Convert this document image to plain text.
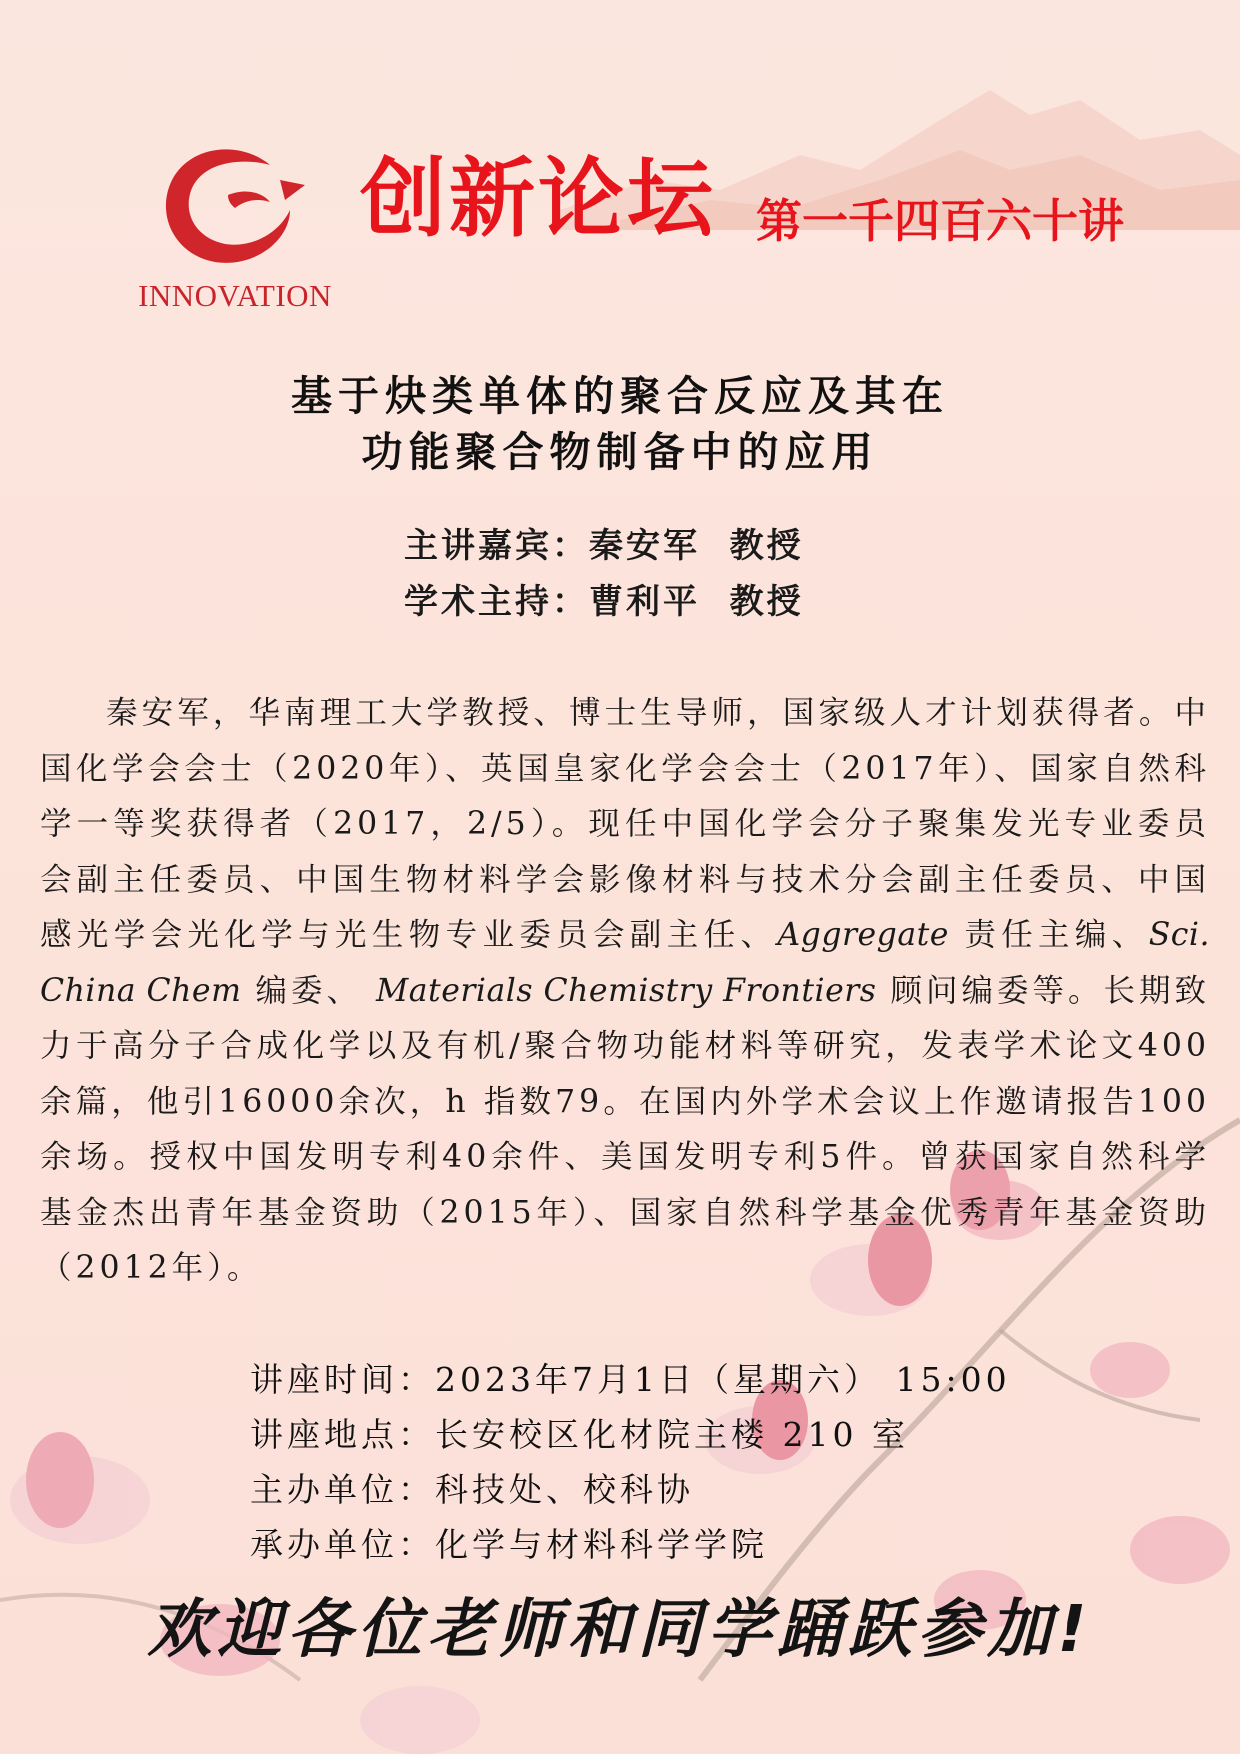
INNOVATION
创新论坛 第一千四百六十讲
基于炔类单体的聚合反应及其在
功能聚合物制备中的应用
主讲嘉宾：秦安军  教授
学术主持：曹利平  教授

秦安军，华南理工大学教授、博士生导师，国家级人才计划获得者。中国化学会会士（2020年）、英国皇家化学会会士（2017年）、国家自然科学一等奖获得者（2017，2/5）。现任中国化学会分子聚集发光专业委员会副主任委员、中国生物材料学会影像材料与技术分会副主任委员、中国感光学会光化学与光生物专业委员会副主任、Aggregate 责任主编、Sci. China Chem 编委、 Materials Chemistry Frontiers 顾问编委等。长期致力于高分子合成化学以及有机/聚合物功能材料等研究，发表学术论文400余篇，他引16000余次，h 指数79。在国内外学术会议上作邀请报告100余场。授权中国发明专利40余件、美国发明专利5件。曾获国家自然科学基金杰出青年基金资助（2015年）、国家自然科学基金优秀青年基金资助（2012年）。

讲座时间：2023年7月1日（星期六） 15:00
讲座地点：长安校区化材院主楼 210 室
主办单位：科技处、校科协
承办单位：化学与材料科学学院
欢迎各位老师和同学踊跃参加!
